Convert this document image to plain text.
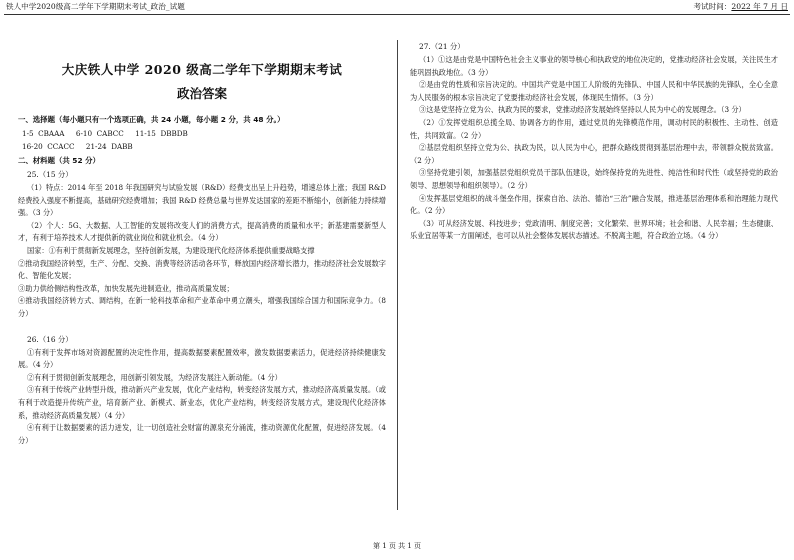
铁人中学2020级高二学年下学期期末考试_政治_试题	考试时间：2022 年 7 月 日
大庆铁人中学 2020 级高二学年下学期期末考试
政治答案
一、选择题（每小题只有一个选项正确，共 24 小题，每小题 2 分，共 48 分。）
1-5  CBAAA     6-10  CABCC     11-15  DBBDB
16-20  CCACC     21-24  DABB
二、材料题（共 52 分）
25.（15 分）

（1）特点：2014 年至 2018 年我国研究与试验发展（R&D）经费支出呈上升趋势，增速总体上涨；我国 R&D 经费投入强度不断提高，基础研究经费增加；我国 R&D 经费总量与世界发达国家的差距不断缩小，创新能力持续增强。（3 分）

（2）个人：5G、大数据、人工智能的发展将改变人们的消费方式，提高消费的质量和水平；新基建需要新型人才，有利于培养技术人才提供新的就业岗位和就业机会。（4 分）

国家：①有利于贯彻新发展理念，坚持创新发展，为建设现代化经济体系提供重要战略支撑

②推动我国经济转型，生产、分配、交换、消费等经济活动各环节，释放国内经济增长潜力，推动经济社会发展数字化、智能化发展；

③助力供给侧结构性改革，加快发展先进制造业，推动高质量发展；

④推动我国经济转方式、调结构，在新一轮科技革命和产业革命中勇立潮头，增强我国综合国力和国际竞争力。（8 分）

26.（16 分）

①有利于发挥市场对资源配置的决定性作用，提高数据要素配置效率，激发数据要素活力，促进经济持续健康发展。（4 分）

②有利于贯彻创新发展理念，用创新引领发展，为经济发展注入新动能。（4 分）

③有利于传统产业转型升级，推动新兴产业发展，优化产业结构，转变经济发展方式，推动经济高质量发展。（或有利于改造提升传统产业，培育新产业、新模式、新业态，优化产业结构，转变经济发展方式，建设现代化经济体系，推动经济高质量发展）（4 分）

④有利于让数据要素的活力迸发，让一切创造社会财富的源泉充分涌流，推动资源优化配置，促进经济发展。（4 分）

27.（21 分）

（1）①这是由党是中国特色社会主义事业的领导核心和执政党的地位决定的，党推动经济社会发展，关注民生才能巩固执政地位。（3 分）

②是由党的性质和宗旨决定的。中国共产党是中国工人阶级的先锋队、中国人民和中华民族的先锋队，全心全意为人民服务的根本宗旨决定了党要推动经济社会发展，体现民生情怀。（3 分）

③这是党坚持立党为公、执政为民的要求，党推动经济发展始终坚持以人民为中心的发展理念。（3 分）

（2）①发挥党组织总揽全局、协调各方的作用，通过党员的先锋模范作用，调动村民的积极性、主动性、创造性，共同致富。（2 分）

②基层党组织坚持立党为公、执政为民，以人民为中心，把群众路线贯彻到基层治理中去，带领群众脱贫致富。（2 分）

③坚持党建引领，加强基层党组织党员干部队伍建设，始终保持党的先进性、纯洁性和时代性（或坚持党的政治领导、思想领导和组织领导）。（2 分）

④发挥基层党组织的战斗堡垒作用，探索自治、法治、德治“三治”融合发展，推进基层治理体系和治理能力现代化。（2 分）

（3）可从经济发展、科技进步；党政清明、制度完善；文化繁荣、世界环境；社会和谐、人民幸福；生态健康、乐业宜居等某一方面阐述，也可以从社会整体发展状态描述。不脱离主题，符合政治立场。（4 分）

第 1 页 共 1 页
